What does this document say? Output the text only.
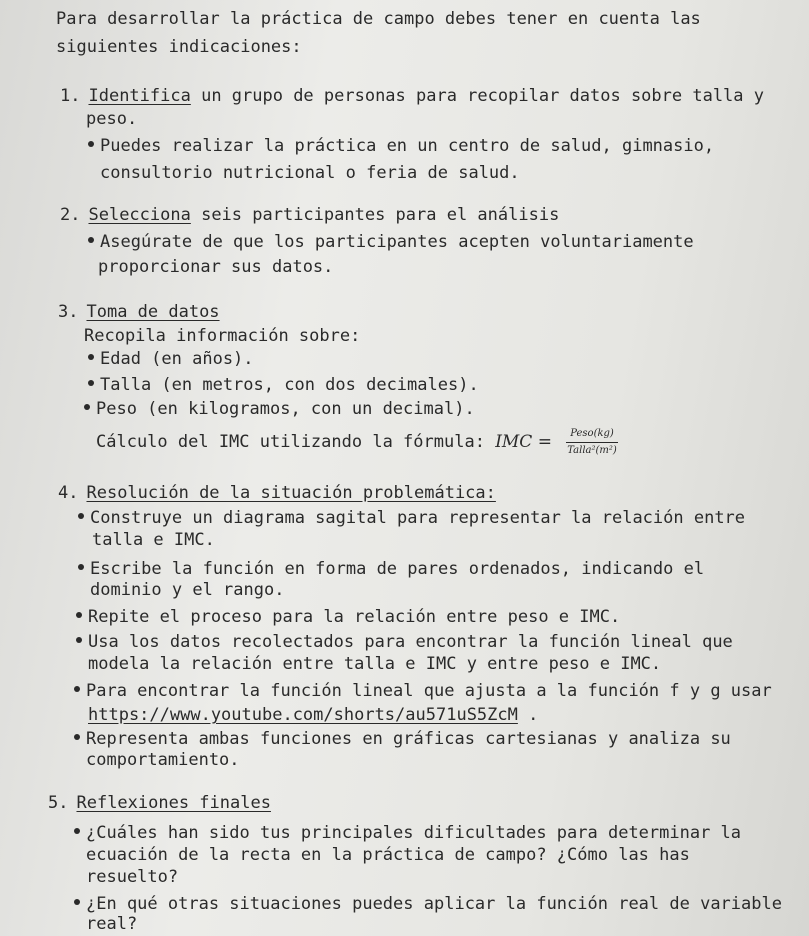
Para desarrollar la práctica de campo debes tener en cuenta las
siguientes indicaciones:
1. Identifica un grupo de personas para recopilar datos sobre talla y
peso.
Puedes realizar la práctica en un centro de salud, gimnasio,
consultorio nutricional o feria de salud.
2. Selecciona seis participantes para el análisis
Asegúrate de que los participantes acepten voluntariamente
proporcionar sus datos.
3. Toma de datos
Recopila información sobre:
Edad (en años).
Talla (en metros, con dos decimales).
Peso (en kilogramos, con un decimal).
Cálculo del IMC utilizando la fórmula: IMC = $\frac{\text{Peso(kg)}}{\text{Talla²(m²)}}$
4. Resolución de la situación problemática:
Construye un diagrama sagital para representar la relación entre
talla e IMC.
Escribe la función en forma de pares ordenados, indicando el
dominio y el rango.
Repite el proceso para la relación entre peso e IMC.
Usa los datos recolectados para encontrar la función lineal que
modela la relación entre talla e IMC y entre peso e IMC.
Para encontrar la función lineal que ajusta a la función f y g usar
https://www.youtube.com/shorts/au571uS5ZcM .
Representa ambas funciones en gráficas cartesianas y analiza su
comportamiento.
5. Reflexiones finales
¿Cuáles han sido tus principales dificultades para determinar la
ecuación de la recta en la práctica de campo? ¿Cómo las has
resuelto?
¿En qué otras situaciones puedes aplicar la función real de variable
real?
